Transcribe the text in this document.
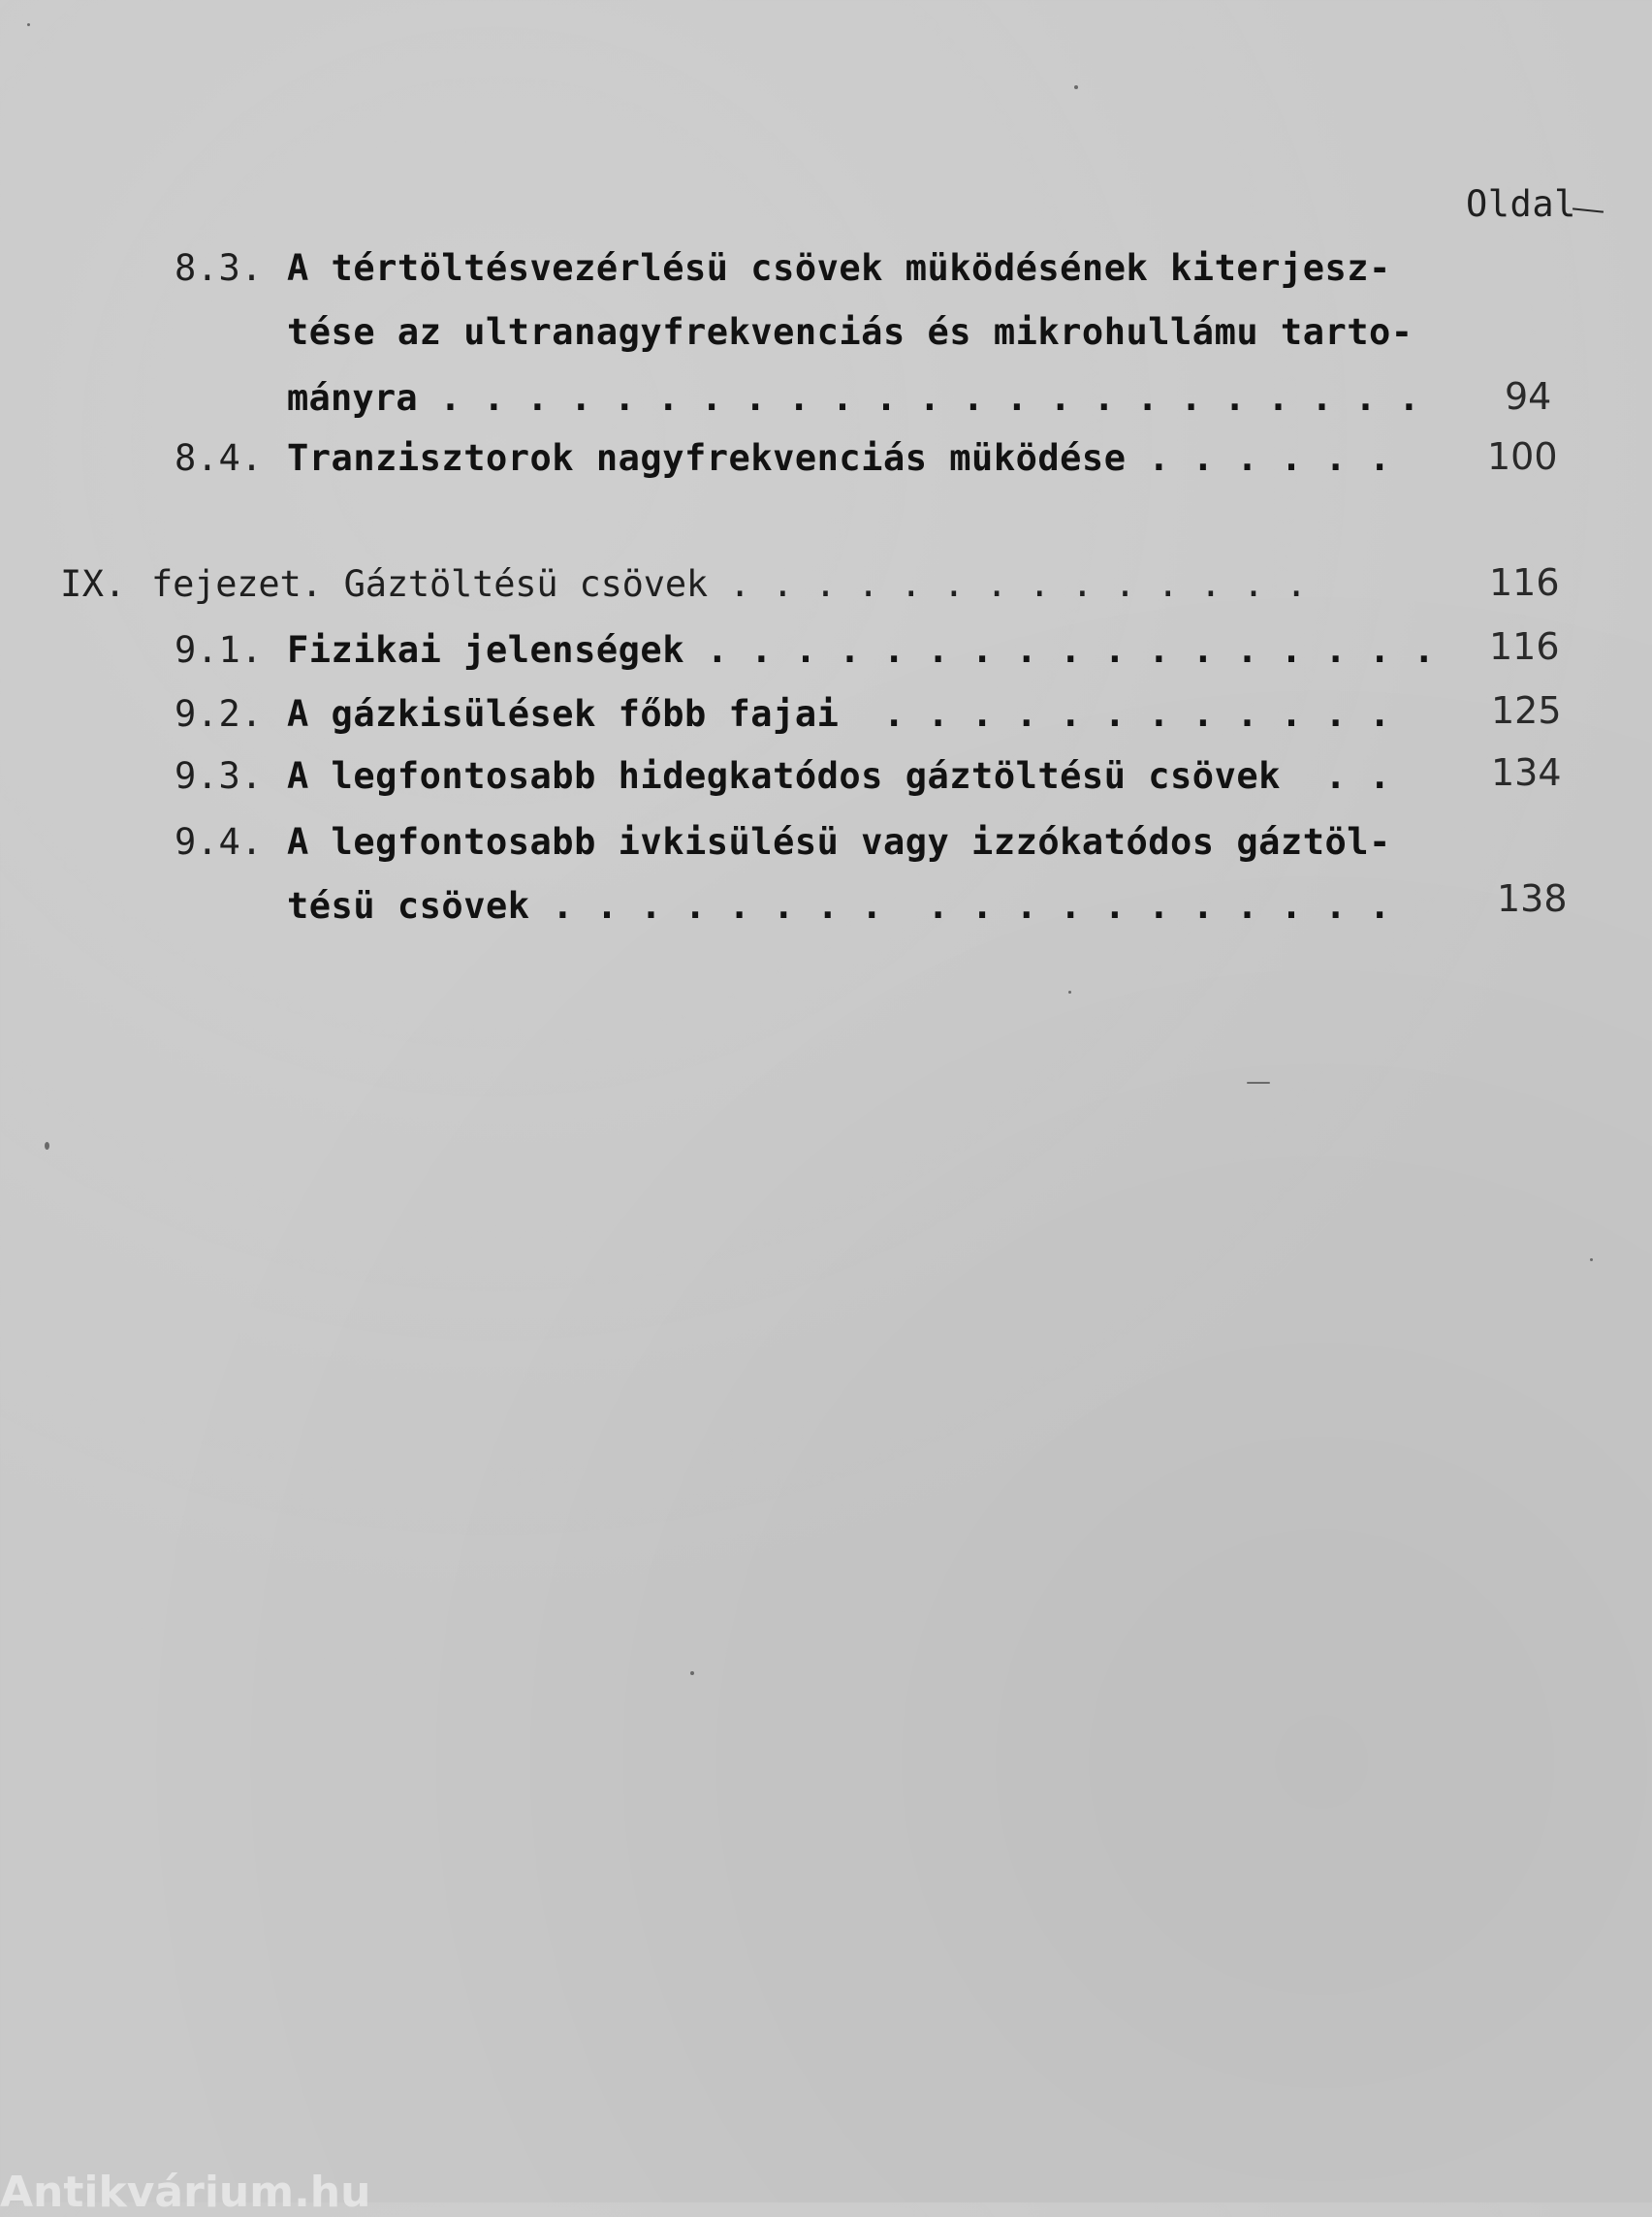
Oldal
8.3. A tértöltésvezérlésü csövek müködésének kiterjesz-
tése az ultranagyfrekvenciás és mikrohullámu tarto-
mányra . . . . . . . . . . . . . . . . . . . . . . . 94
8.4. Tranzisztorok nagyfrekvenciás müködése . . . . . .	100
IX. fejezet. Gáztöltésü csövek . . . . . . . . . . . . . .	116
9.1. Fizikai jelenségek . . . . . . . . . . . . . . . . . 116
9.2. A gázkisülések főbb fajai  . . . . . . . . . . . .	125
9.3. A legfontosabb hidegkatódos gáztöltésü csövek  . .	134
9.4. A legfontosabb ivkisülésü vagy izzókatódos gáztöl-
tésü csövek . . . . . . . .  . . . . . . . . . . .	138
Antikvárium.hu
